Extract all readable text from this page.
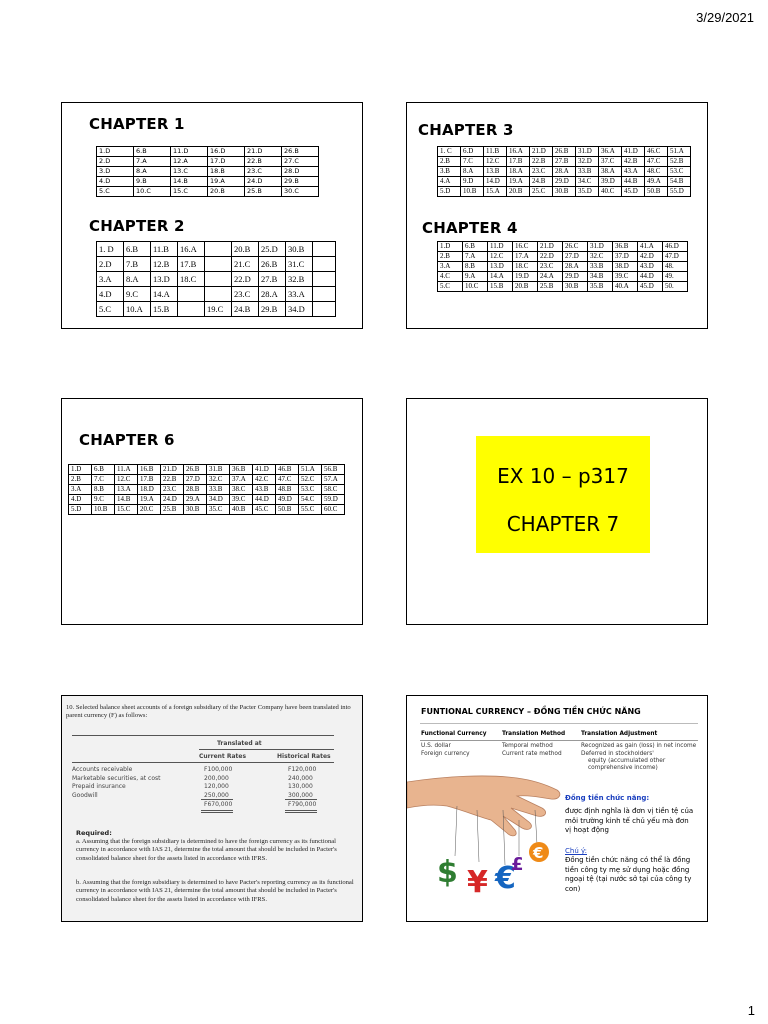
3/29/2021
1
CHAPTER 1
1.D	6.B	11.D	16.D	21.D	26.B
2.D	7.A	12.A	17.D	22.B	27.C
3.D	8.A	13.C	18.B	23.C	28.D
4.D	9.B	14.B	19.A	24.D	29.B
5.C	10.C	15.C	20.B	25.B	30.C
CHAPTER 2
1. D	6.B	11.B	16.A		20.B	25.D	30.B	
2.D	7.B	12.B	17.B		21.C	26.B	31.C	
3.A	8.A	13.D	18.C		22.D	27.B	32.B	
4.D	9.C	14.A			23.C	28.A	33.A	
5.C	10.A	15.B		19.C	24.B	29.B	34.D	
CHAPTER 3
1. C	6.D	11.B	16.A	21.D	26.B	31.D	36.A	41.D	46.C	51.A
2.B	7.C	12.C	17.B	22.B	27.B	32.D	37.C	42.B	47.C	52.B
3.B	8.A	13.B	18.A	23.C	28.A	33.B	38.A	43.A	48.C	53.C
4.A	9.D	14.D	19.A	24.B	29.D	34.C	39.D	44.B	49.A	54.B
5.D	10.B	15.A	20.B	25.C	30.B	35.D	40.C	45.D	50.B	55.D
CHAPTER 4
1.D	6.B	11.D	16.C	21.D	26.C	31.D	36.B	41.A	46.D
2.B	7.A	12.C	17.A	22.D	27.D	32.C	37.D	42.D	47.D
3.A	8.B	13.D	18.C	23.C	28.A	33.B	38.D	43.D	48.
4.C	9.A	14.A	19.D	24.A	29.D	34.B	39.C	44.D	49.
5.C	10.C	15.B	20.B	25.B	30.B	35.B	40.A	45.D	50.
CHAPTER 6
1.D	6.B	11.A	16.B	21.D	26.B	31.B	36.B	41.D	46.B	51.A	56.B
2.B	7.C	12.C	17.B	22.B	27.D	32.C	37.A	42.C	47.C	52.C	57.A
3.A	8.B	13.A	18.D	23.C	28.B	33.B	38.C	43.B	48.B	53.C	58.C
4.D	9.C	14.B	19.A	24.D	29.A	34.D	39.C	44.D	49.D	54.C	59.D
5.D	10.B	15.C	20.C	25.B	30.B	35.C	40.B	45.C	50.B	55.C	60.C
EX 10 – p317
CHAPTER 7
10. Selected balance sheet accounts of a foreign subsidiary of the Pacter Company have been translated into parent currency (F) as follows:
Translated at
Current Rates	Historical Rates
Accounts receivable	F100,000	F120,000
Marketable securities, at cost	200,000	240,000
Prepaid insurance	120,000	130,000
Goodwill	250,000	300,000
F670,000	F790,000
Required:
a. Assuming that the foreign subsidiary is determined to have the foreign currency as its functional currency in accordance with IAS 21, determine the total amount that should be included in Pacter's consolidated balance sheet for the assets listed in accordance with IFRS.
b. Assuming that the foreign subsidiary is determined to have Pacter's reporting currency as its functional currency in accordance with IAS 21, determine the total amount that should be included in Pacter's consolidated balance sheet for the assets listed in accordance with IFRS.
FUNTIONAL CURRENCY – ĐỒNG TIỀN CHỨC NĂNG
Functional Currency	Translation Method	Translation Adjustment
U.S. dollar	Temporal method	Recognized as gain (loss) in net income
Foreign currency	Current rate method	Deferred in stockholders'
equity (accumulated other
comprehensive income)
$ ¥ €
£
€
Đồng tiền chức năng:
được định nghĩa là đơn vị tiền tệ của môi trường kinh tế chủ yếu mà đơn vị hoạt động
Chú ý:
Đồng tiền chức năng có thể là đồng tiền công ty mẹ sử dụng hoặc đồng ngoại tệ (tại nước sở tại của công ty con)
